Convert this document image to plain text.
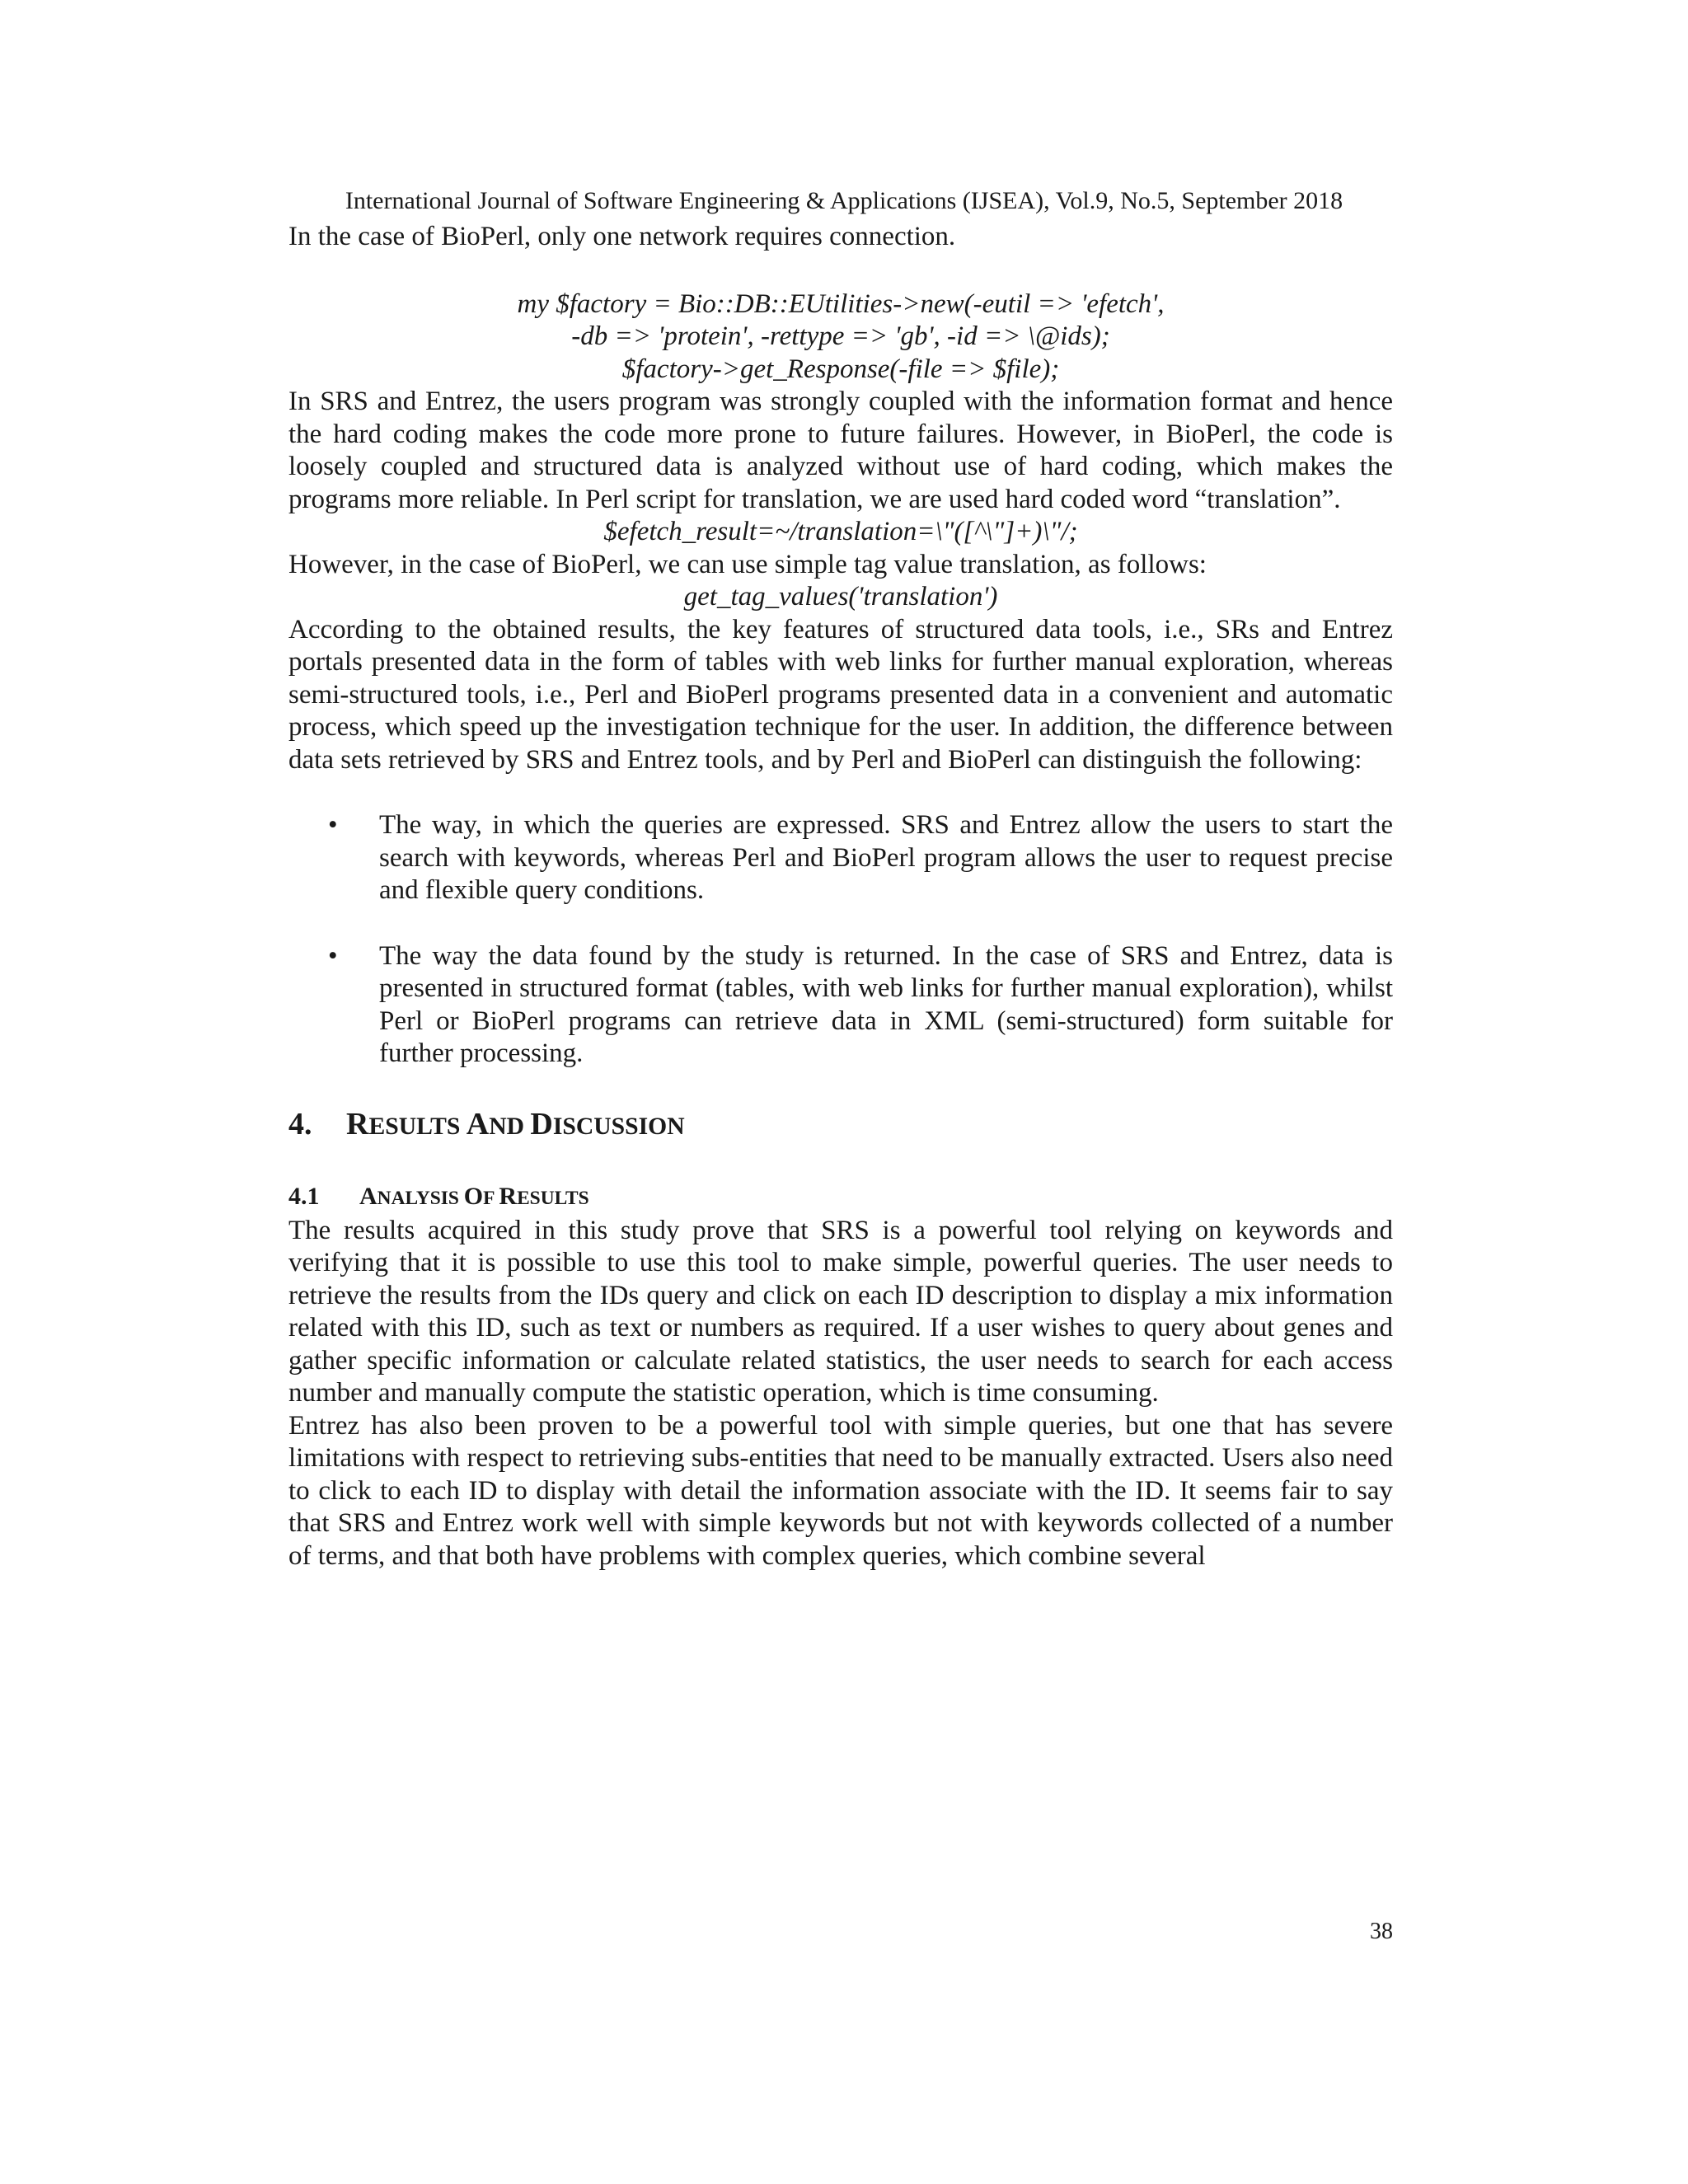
International Journal of Software Engineering & Applications (IJSEA), Vol.9, No.5, September 2018

In the case of BioPerl, only one network requires connection.

my $factory = Bio::DB::EUtilities->new(-eutil => 'efetch',
-db => 'protein', -rettype => 'gb', -id => \@ids);
$factory->get_Response(-file => $file);

In SRS and Entrez, the users program was strongly coupled with the information format and hence the hard coding makes the code more prone to future failures. However, in BioPerl, the code is loosely coupled and structured data is analyzed without use of hard coding, which makes the programs more reliable. In Perl script for translation, we are used hard coded word “translation”.

$efetch_result=~/translation=\"([^\"]+)\"/;

However, in the case of BioPerl, we can use simple tag value translation, as follows:

get_tag_values('translation')

According to the obtained results, the key features of structured data tools, i.e., SRs and Entrez portals presented data in the form of tables with web links for further manual exploration, whereas semi-structured tools, i.e., Perl and BioPerl programs presented data in a convenient and automatic process, which speed up the investigation technique for the user. In addition, the difference between data sets retrieved by SRS and Entrez tools, and by Perl and BioPerl can distinguish the following:

• The way, in which the queries are expressed. SRS and Entrez allow the users to start the search with keywords, whereas Perl and BioPerl program allows the user to request precise and flexible query conditions.
• The way the data found by the study is returned. In the case of SRS and Entrez, data is presented in structured format (tables, with web links for further manual exploration), whilst Perl or BioPerl programs can retrieve data in XML (semi-structured) form suitable for further processing.
4. RESULTS AND DISCUSSION
4.1 ANALYSIS OF RESULTS

The results acquired in this study prove that SRS is a powerful tool relying on keywords and verifying that it is possible to use this tool to make simple, powerful queries. The user needs to retrieve the results from the IDs query and click on each ID description to display a mix information related with this ID, such as text or numbers as required. If a user wishes to query about genes and gather specific information or calculate related statistics, the user needs to search for each access number and manually compute the statistic operation, which is time consuming.

Entrez has also been proven to be a powerful tool with simple queries, but one that has severe limitations with respect to retrieving subs-entities that need to be manually extracted. Users also need to click to each ID to display with detail the information associate with the ID. It seems fair to say that SRS and Entrez work well with simple keywords but not with keywords collected of a number of terms, and that both have problems with complex queries, which combine several

38
